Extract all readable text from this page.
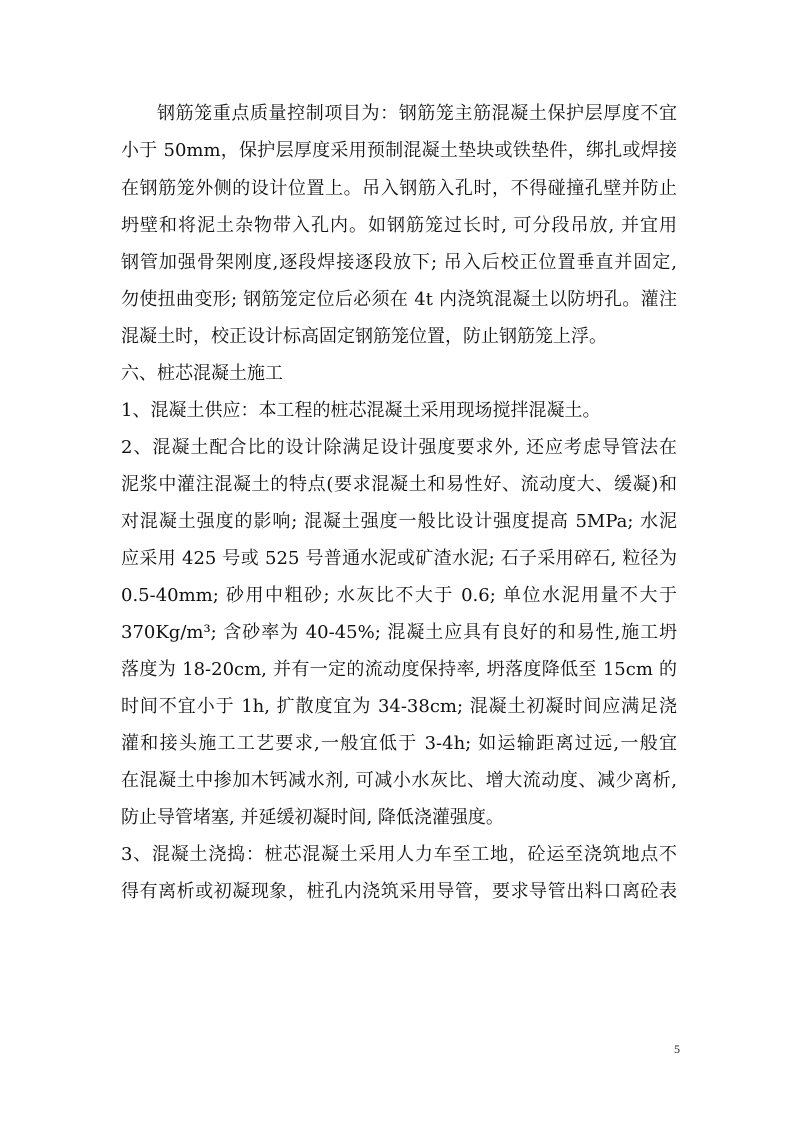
钢筋笼重点质量控制项目为：钢筋笼主筋混凝土保护层厚度不宜
小于 50mm，保护层厚度采用预制混凝土垫块或铁垫件，绑扎或焊接
在钢筋笼外侧的设计位置上。吊入钢筋入孔时，不得碰撞孔壁并防止
坍壁和将泥土杂物带入孔内。如钢筋笼过长时, 可分段吊放, 并宜用
钢管加强骨架刚度,逐段焊接逐段放下; 吊入后校正位置垂直并固定,
勿使扭曲变形; 钢筋笼定位后必须在 4t 内浇筑混凝土以防坍孔。灌注
混凝土时，校正设计标高固定钢筋笼位置，防止钢筋笼上浮。
六、桩芯混凝土施工
1、混凝土供应：本工程的桩芯混凝土采用现场搅拌混凝土。
2、混凝土配合比的设计除满足设计强度要求外, 还应考虑导管法在
泥浆中灌注混凝土的特点(要求混凝土和易性好、流动度大、缓凝)和
对混凝土强度的影响; 混凝土强度一般比设计强度提高 5MPa; 水泥
应采用 425 号或 525 号普通水泥或矿渣水泥; 石子采用碎石, 粒径为
0.5-40mm; 砂用中粗砂; 水灰比不大于 0.6; 单位水泥用量不大于
370Kg/m³; 含砂率为 40-45%; 混凝土应具有良好的和易性,施工坍
落度为 18-20cm, 并有一定的流动度保持率, 坍落度降低至 15cm 的
时间不宜小于 1h, 扩散度宜为 34-38cm; 混凝土初凝时间应满足浇
灌和接头施工工艺要求,一般宜低于 3-4h; 如运输距离过远,一般宜
在混凝土中掺加木钙减水剂, 可减小水灰比、增大流动度、减少离析,
防止导管堵塞, 并延缓初凝时间, 降低浇灌强度。
3、混凝土浇捣：桩芯混凝土采用人力车至工地，砼运至浇筑地点不
得有离析或初凝现象，桩孔内浇筑采用导管，要求导管出料口离砼表
5
